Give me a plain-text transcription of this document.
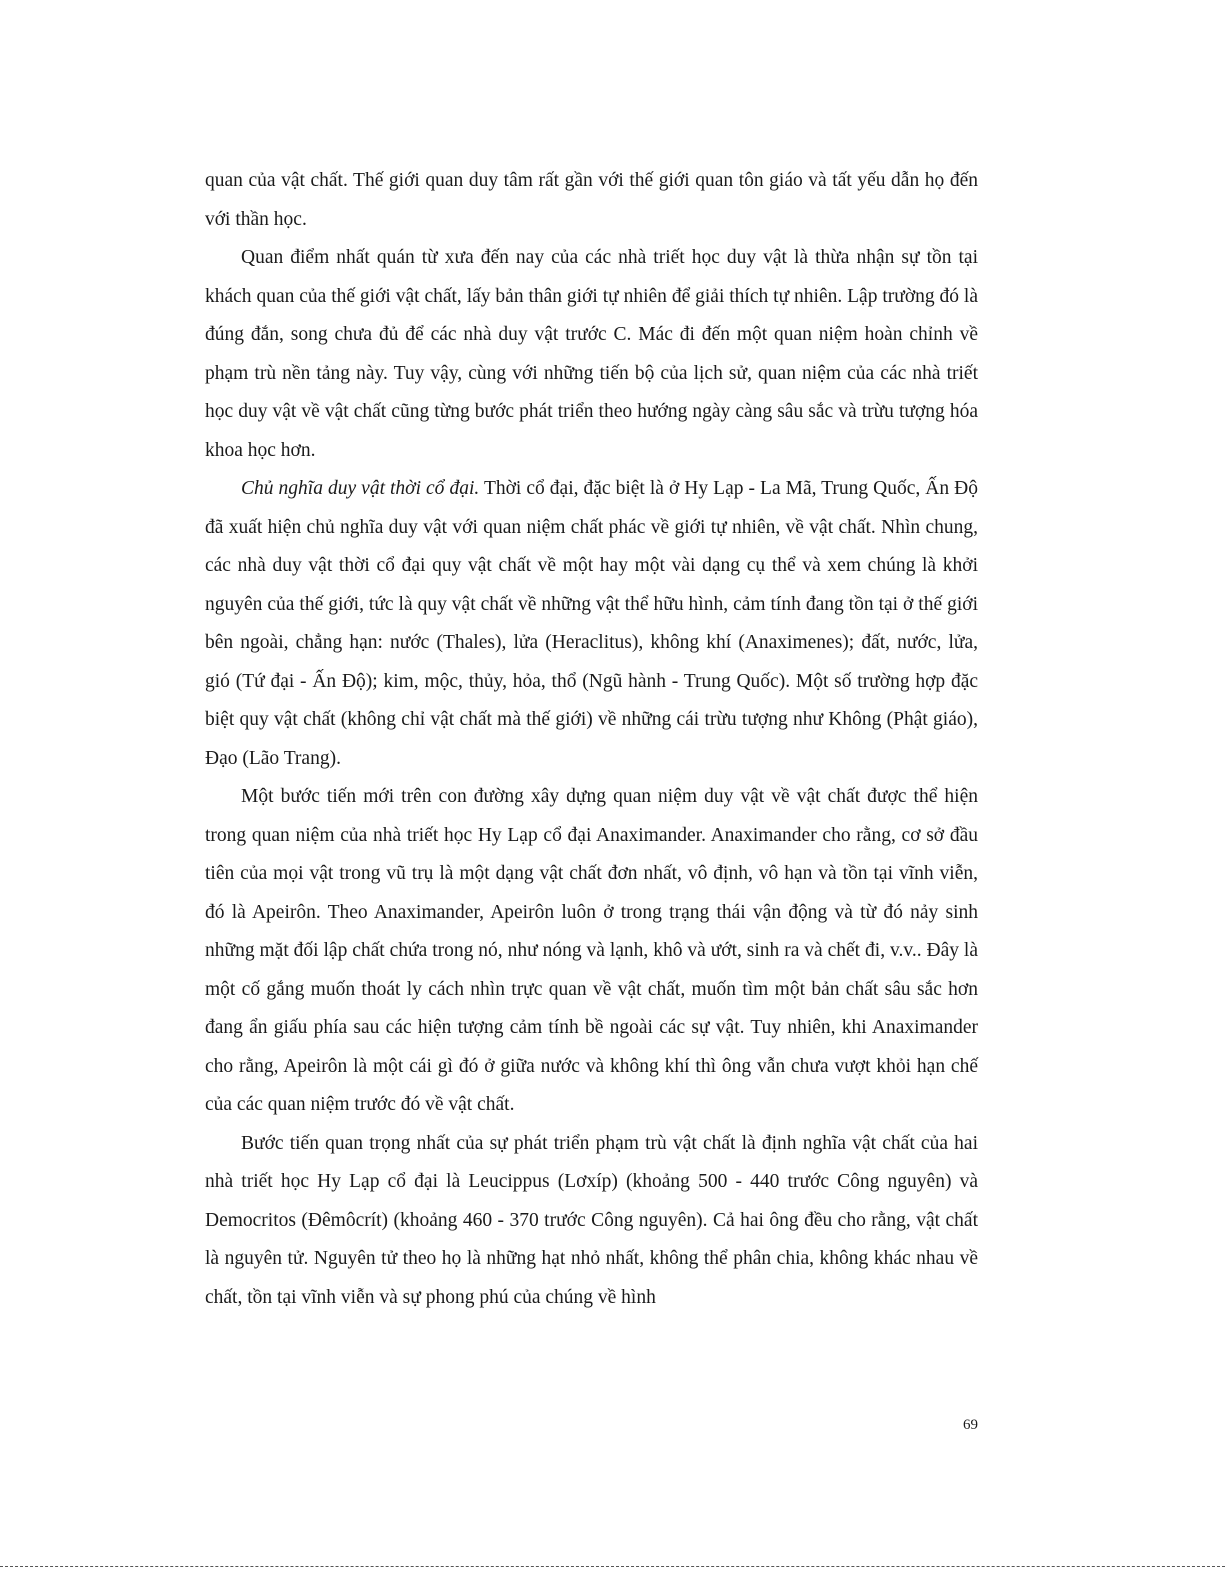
quan của vật chất. Thế giới quan duy tâm rất gần với thế giới quan tôn giáo và tất yếu dẫn họ đến với thần học.

Quan điểm nhất quán từ xưa đến nay của các nhà triết học duy vật là thừa nhận sự tồn tại khách quan của thế giới vật chất, lấy bản thân giới tự nhiên để giải thích tự nhiên. Lập trường đó là đúng đắn, song chưa đủ để các nhà duy vật trước C. Mác đi đến một quan niệm hoàn chỉnh về phạm trù nền tảng này. Tuy vậy, cùng với những tiến bộ của lịch sử, quan niệm của các nhà triết học duy vật về vật chất cũng từng bước phát triển theo hướng ngày càng sâu sắc và trừu tượng hóa khoa học hơn.

Chủ nghĩa duy vật thời cổ đại. Thời cổ đại, đặc biệt là ở Hy Lạp - La Mã, Trung Quốc, Ấn Độ đã xuất hiện chủ nghĩa duy vật với quan niệm chất phác về giới tự nhiên, về vật chất. Nhìn chung, các nhà duy vật thời cổ đại quy vật chất về một hay một vài dạng cụ thể và xem chúng là khởi nguyên của thế giới, tức là quy vật chất về những vật thể hữu hình, cảm tính đang tồn tại ở thế giới bên ngoài, chẳng hạn: nước (Thales), lửa (Heraclitus), không khí (Anaximenes); đất, nước, lửa, gió (Tứ đại - Ấn Độ); kim, mộc, thủy, hỏa, thổ (Ngũ hành - Trung Quốc). Một số trường hợp đặc biệt quy vật chất (không chỉ vật chất mà thế giới) về những cái trừu tượng như Không (Phật giáo), Đạo (Lão Trang).

Một bước tiến mới trên con đường xây dựng quan niệm duy vật về vật chất được thể hiện trong quan niệm của nhà triết học Hy Lạp cổ đại Anaximander. Anaximander cho rằng, cơ sở đầu tiên của mọi vật trong vũ trụ là một dạng vật chất đơn nhất, vô định, vô hạn và tồn tại vĩnh viễn, đó là Apeirôn. Theo Anaximander, Apeirôn luôn ở trong trạng thái vận động và từ đó nảy sinh những mặt đối lập chất chứa trong nó, như nóng và lạnh, khô và ướt, sinh ra và chết đi, v.v.. Đây là một cố gắng muốn thoát ly cách nhìn trực quan về vật chất, muốn tìm một bản chất sâu sắc hơn đang ẩn giấu phía sau các hiện tượng cảm tính bề ngoài các sự vật. Tuy nhiên, khi Anaximander cho rằng, Apeirôn là một cái gì đó ở giữa nước và không khí thì ông vẫn chưa vượt khỏi hạn chế của các quan niệm trước đó về vật chất.

Bước tiến quan trọng nhất của sự phát triển phạm trù vật chất là định nghĩa vật chất của hai nhà triết học Hy Lạp cổ đại là Leucippus (Lơxíp) (khoảng 500 - 440 trước Công nguyên) và Democritos (Đêmôcrít) (khoảng 460 - 370 trước Công nguyên). Cả hai ông đều cho rằng, vật chất là nguyên tử. Nguyên tử theo họ là những hạt nhỏ nhất, không thể phân chia, không khác nhau về chất, tồn tại vĩnh viễn và sự phong phú của chúng về hình

69
